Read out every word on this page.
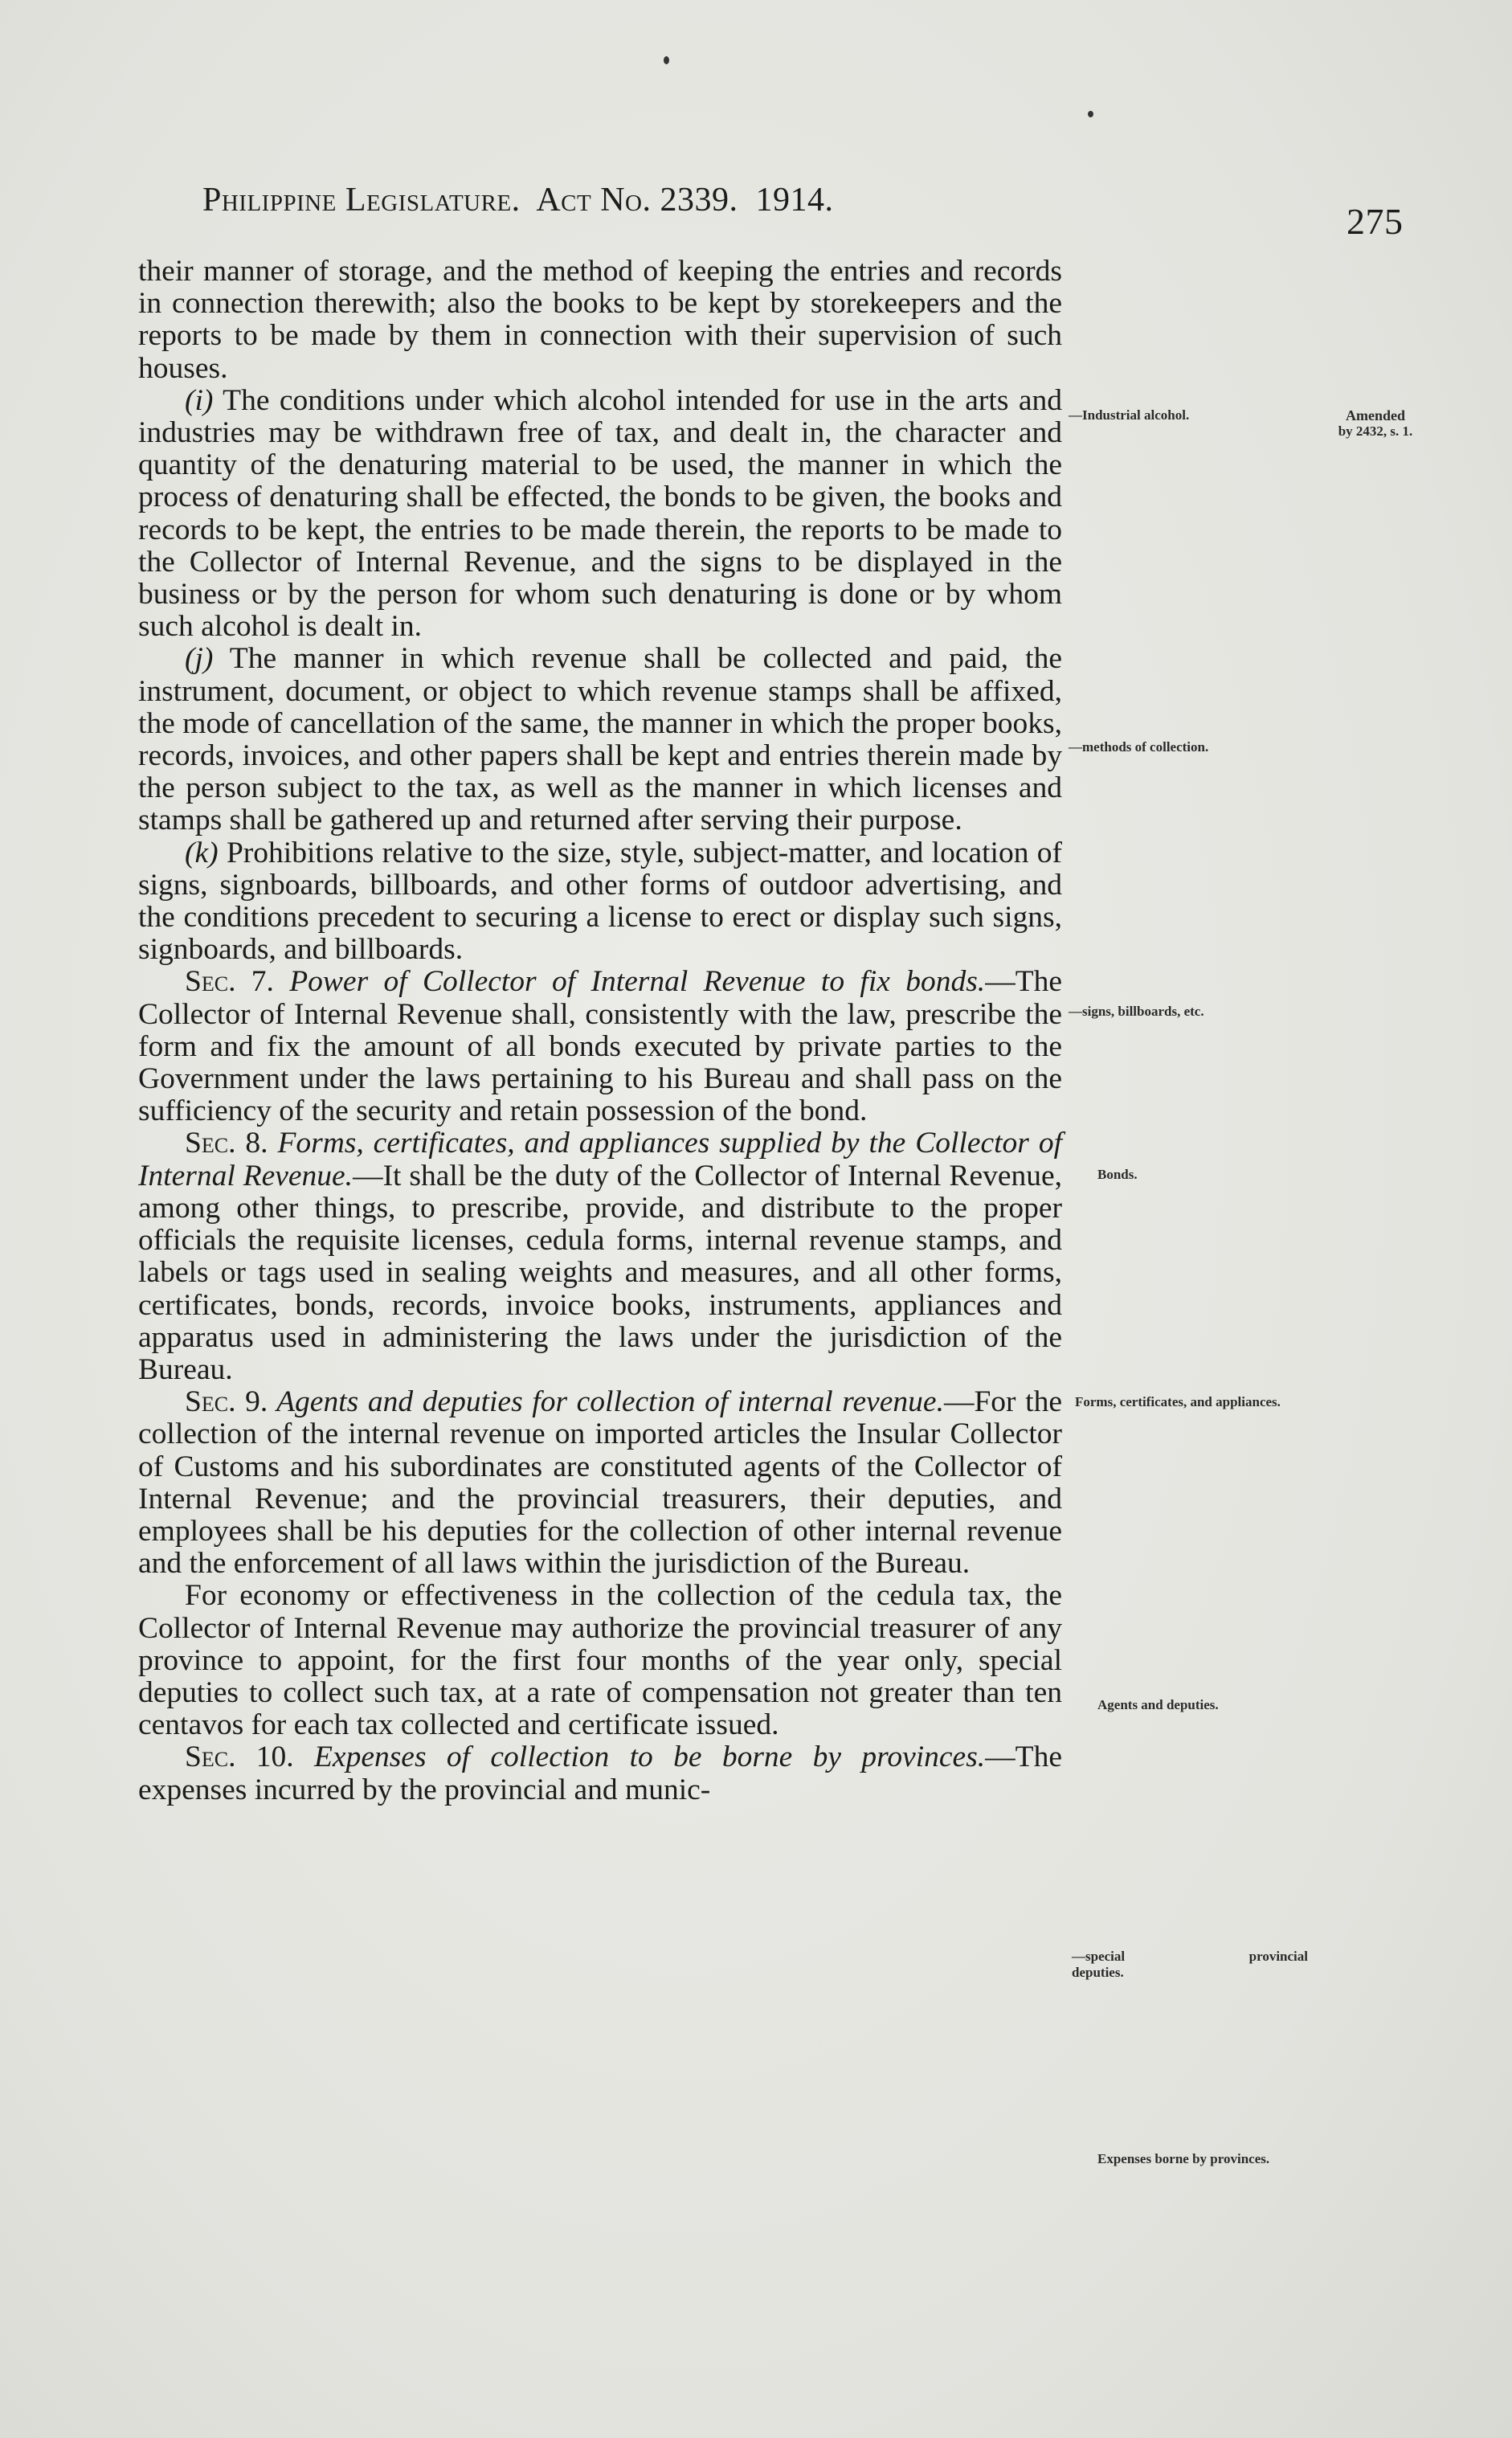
Philippine Legislature.  Act No. 2339.  1914.
275

their manner of storage, and the method of keeping the entries and records in connection therewith; also the books to be kept by storekeepers and the reports to be made by them in connection with their supervision of such houses.

(i) The conditions under which alcohol intended for use in the arts and industries may be withdrawn free of tax, and dealt in, the character and quantity of the denaturing material to be used, the manner in which the process of denaturing shall be effected, the bonds to be given, the books and records to be kept, the entries to be made therein, the reports to be made to the Collector of Internal Revenue, and the signs to be displayed in the business or by the person for whom such denaturing is done or by whom such alcohol is dealt in.

(j) The manner in which revenue shall be collected and paid, the instrument, document, or object to which revenue stamps shall be affixed, the mode of cancellation of the same, the manner in which the proper books, records, invoices, and other papers shall be kept and entries therein made by the person subject to the tax, as well as the manner in which licenses and stamps shall be gathered up and returned after serving their purpose.

(k) Prohibitions relative to the size, style, subject-matter, and location of signs, signboards, billboards, and other forms of outdoor advertising, and the conditions precedent to securing a license to erect or display such signs, signboards, and billboards.

Sec. 7. Power of Collector of Internal Revenue to fix bonds.—The Collector of Internal Revenue shall, consistently with the law, prescribe the form and fix the amount of all bonds executed by private parties to the Government under the laws pertaining to his Bureau and shall pass on the sufficiency of the security and retain possession of the bond.

Sec. 8. Forms, certificates, and appliances supplied by the Collector of Internal Revenue.—It shall be the duty of the Collector of Internal Revenue, among other things, to prescribe, provide, and distribute to the proper officials the requisite licenses, cedula forms, internal revenue stamps, and labels or tags used in sealing weights and measures, and all other forms, certificates, bonds, records, invoice books, instruments, appliances and apparatus used in administering the laws under the jurisdiction of the Bureau.

Sec. 9. Agents and deputies for collection of internal revenue.—For the collection of the internal revenue on imported articles the Insular Collector of Customs and his subordinates are constituted agents of the Collector of Internal Revenue; and the provincial treasurers, their deputies, and employees shall be his deputies for the collection of other internal revenue and the enforcement of all laws within the jurisdiction of the Bureau.

For economy or effectiveness in the collection of the cedula tax, the Collector of Internal Revenue may authorize the provincial treasurer of any province to appoint, for the first four months of the year only, special deputies to collect such tax, at a rate of compensation not greater than ten centavos for each tax collected and certificate issued.

Sec. 10. Expenses of collection to be borne by provinces.—The expenses incurred by the provincial and munic-

—Industrial alcohol.
—methods of collection.
—signs, billboards, etc.
Bonds.
Forms, certificates, and appliances.
Agents and deputies.
—special provincial deputies.
Expenses borne by provinces.
Amended
by 2432, s. 1.
